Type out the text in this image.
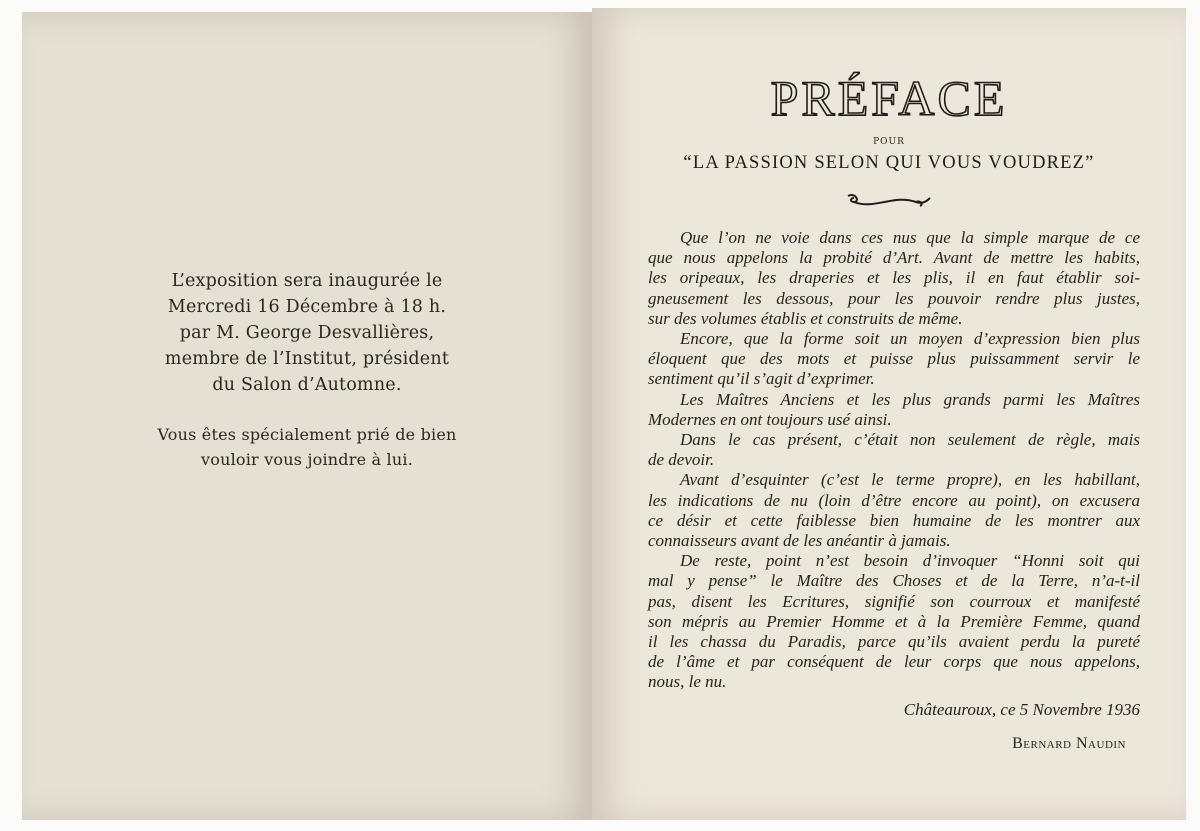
L’exposition sera inaugurée le
Mercredi 16 Décembre à 18 h.
par M. George Desvallières,
membre de l’Institut, président
du Salon d’Automne.
Vous êtes spécialement prié de bien
vouloir vous joindre à lui.
PRÉFACE
POUR
“LA PASSION SELON QUI VOUS VOUDREZ”
Que l’on ne voie dans ces nus que la simple marque de ce
que nous appelons la probité d’Art. Avant de mettre les habits,
les oripeaux, les draperies et les plis, il en faut établir soi-
gneusement les dessous, pour les pouvoir rendre plus justes,
sur des volumes établis et construits de même.
Encore, que la forme soit un moyen d’expression bien plus
éloquent que des mots et puisse plus puissamment servir le
sentiment qu’il s’agit d’exprimer.
Les Maîtres Anciens et les plus grands parmi les Maîtres
Modernes en ont toujours usé ainsi.
Dans le cas présent, c’était non seulement de règle, mais
de devoir.
Avant d’esquinter (c’est le terme propre), en les habillant,
les indications de nu (loin d’être encore au point), on excusera
ce désir et cette faiblesse bien humaine de les montrer aux
connaisseurs avant de les anéantir à jamais.
De reste, point n’est besoin d’invoquer “Honni soit qui
mal y pense” le Maître des Choses et de la Terre, n’a-t-il
pas, disent les Ecritures, signifié son courroux et manifesté
son mépris au Premier Homme et à la Première Femme, quand
il les chassa du Paradis, parce qu’ils avaient perdu la pureté
de l’âme et par conséquent de leur corps que nous appelons,
nous, le nu.
Châteauroux, ce 5 Novembre 1936
Bernard Naudin
